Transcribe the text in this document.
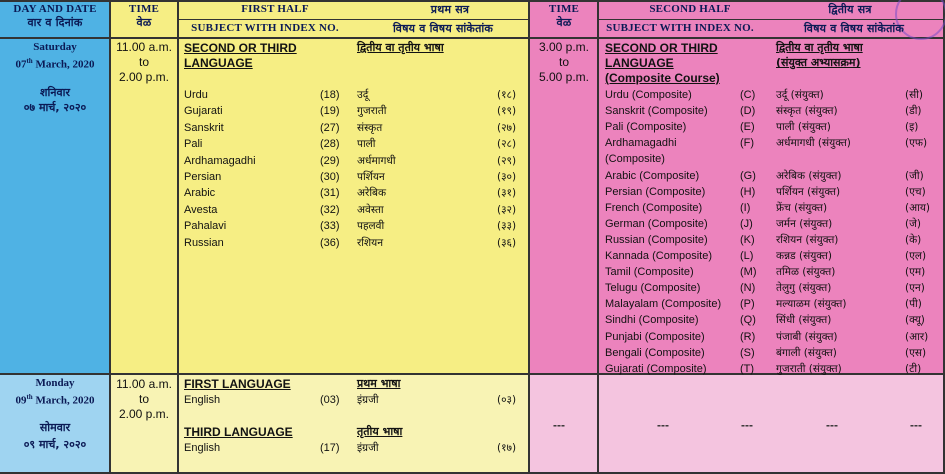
DAY AND DATE
वार व दिनांक
TIME
वेळ
FIRST HALF	प्रथम सत्र
SUBJECT WITH INDEX NO.	विषय व विषय सांकेतांक
TIME
वेळ
SECOND HALF	द्वितीय सत्र
SUBJECT WITH INDEX NO.	विषय व विषय सांकेतांक
Saturday
07th March, 2020
शनिवार
०७ मार्च, २०२०
11.00 a.m.
to
2.00 p.m.
3.00 p.m.
to
5.00 p.m.
SECOND OR THIRD
LANGUAGE
द्वितीय वा तृतीय भाषा
Urdu	(18) उर्दू	(१८)
Gujarati	(19) गुजराती	(१९)
Sanskrit	(27) संस्कृत	(२७)
Pali	(28) पाली	(२८)
Ardhamagadhi	(29) अर्धमागधी	(२९)
Persian	(30) पर्शियन	(३०)
Arabic	(31) अरेबिक	(३१)
Avesta	(32) अवेस्ता	(३२)
Pahalavi	(33) पहलवी	(३३)
Russian	(36) रशियन	(३६)
SECOND OR THIRD
LANGUAGE
(Composite Course)
द्वितीय वा तृतीय भाषा
(संयुक्त अभ्यासक्रम)
Urdu (Composite)	(C) उर्दू (संयुक्त)	(सी)
Sanskrit (Composite)	(D) संस्कृत (संयुक्त)	(डी)
Pali (Composite)	(E) पाली (संयुक्त)	(इ)
Ardhamagadhi	(F) अर्धमागधी (संयुक्त)	(एफ)
(Composite)
Arabic (Composite)	(G) अरेबिक (संयुक्त)	(जी)
Persian (Composite)	(H) पर्शियन (संयुक्त)	(एच)
French (Composite)	(I) फ्रेंच (संयुक्त)	(आय)
German (Composite)	(J) जर्मन (संयुक्त)	(जे)
Russian (Composite)	(K) रशियन (संयुक्त)	(के)
Kannada (Composite)	(L) कन्नड (संयुक्त)	(एल)
Tamil (Composite)	(M) तमिळ (संयुक्त)	(एम)
Telugu (Composite)	(N) तेलुगु (संयुक्त)	(एन)
Malayalam (Composite) (P) मल्याळम (संयुक्त)	(पी)
Sindhi (Composite)	(Q) सिंधी (संयुक्त)	(क्यू)
Punjabi (Composite)	(R) पंजाबी (संयुक्त)	(आर)
Bengali (Composite)	(S) बंगाली (संयुक्त)	(एस)
Gujarati (Composite)	(T) गुजराती (संयुक्त)	(टी)
Monday
09th March, 2020
सोमवार
०९ मार्च, २०२०
11.00 a.m.
to
2.00 p.m.
FIRST LANGUAGE	प्रथम भाषा
English	(03) इंग्रजी	(०३)
THIRD LANGUAGE	तृतीय भाषा
English	(17) इंग्रजी	(१७)
---	---	---	---	---
